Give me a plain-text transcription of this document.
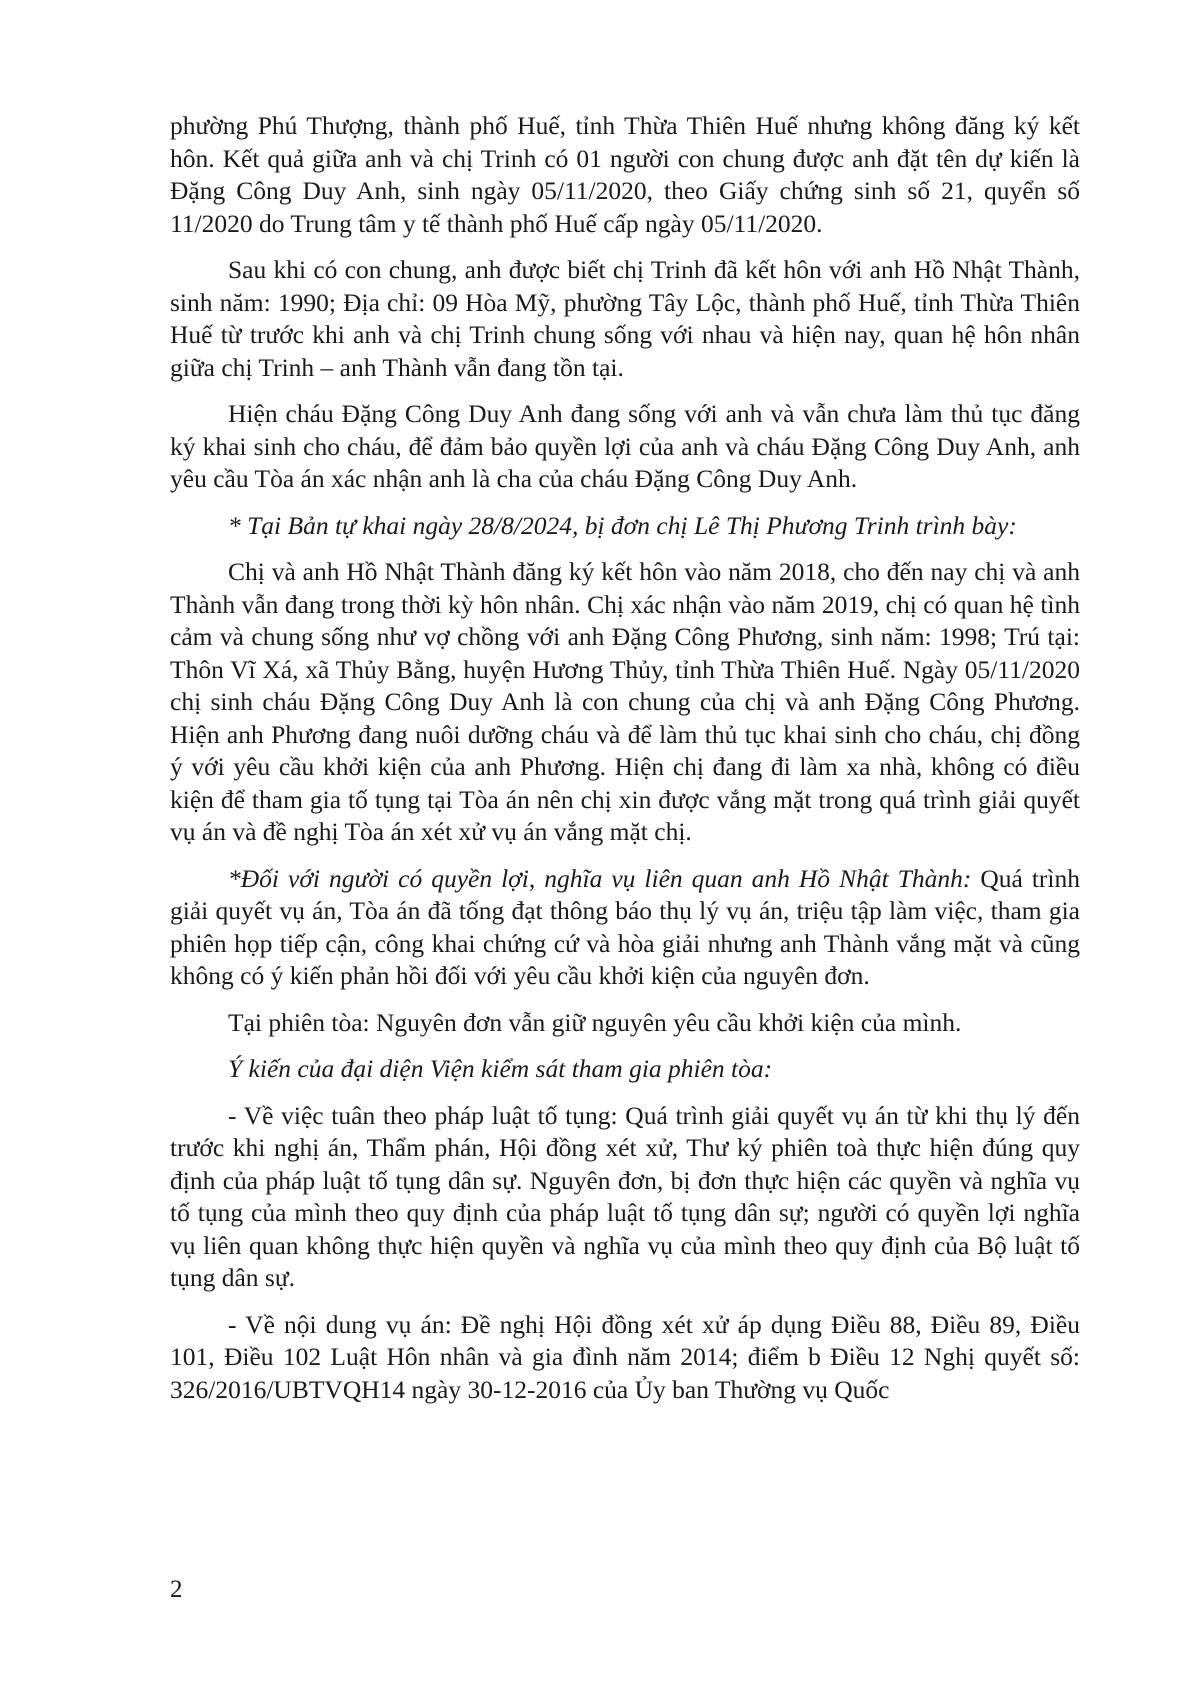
phường Phú Thượng, thành phố Huế, tỉnh Thừa Thiên Huế nhưng không đăng ký kết hôn. Kết quả giữa anh và chị Trinh có 01 người con chung được anh đặt tên dự kiến là Đặng Công Duy Anh, sinh ngày 05/11/2020, theo Giấy chứng sinh số 21, quyển số 11/2020 do Trung tâm y tế thành phố Huế cấp ngày 05/11/2020.

Sau khi có con chung, anh được biết chị Trinh đã kết hôn với anh Hồ Nhật Thành, sinh năm: 1990; Địa chỉ: 09 Hòa Mỹ, phường Tây Lộc, thành phố Huế, tỉnh Thừa Thiên Huế từ trước khi anh và chị Trinh chung sống với nhau và hiện nay, quan hệ hôn nhân giữa chị Trinh – anh Thành vẫn đang tồn tại.

Hiện cháu Đặng Công Duy Anh đang sống với anh và vẫn chưa làm thủ tục đăng ký khai sinh cho cháu, để đảm bảo quyền lợi của anh và cháu Đặng Công Duy Anh, anh yêu cầu Tòa án xác nhận anh là cha của cháu Đặng Công Duy Anh.

* Tại Bản tự khai ngày 28/8/2024, bị đơn chị Lê Thị Phương Trinh trình bày:

Chị và anh Hồ Nhật Thành đăng ký kết hôn vào năm 2018, cho đến nay chị và anh Thành vẫn đang trong thời kỳ hôn nhân. Chị xác nhận vào năm 2019, chị có quan hệ tình cảm và chung sống như vợ chồng với anh Đặng Công Phương, sinh năm: 1998; Trú tại: Thôn Vĩ Xá, xã Thủy Bằng, huyện Hương Thủy, tỉnh Thừa Thiên Huế. Ngày 05/11/2020 chị sinh cháu Đặng Công Duy Anh là con chung của chị và anh Đặng Công Phương. Hiện anh Phương đang nuôi dưỡng cháu và để làm thủ tục khai sinh cho cháu, chị đồng ý với yêu cầu khởi kiện của anh Phương. Hiện chị đang đi làm xa nhà, không có điều kiện để tham gia tố tụng tại Tòa án nên chị xin được vắng mặt trong quá trình giải quyết vụ án và đề nghị Tòa án xét xử vụ án vắng mặt chị.

*Đối với người có quyền lợi, nghĩa vụ liên quan anh Hồ Nhật Thành: Quá trình giải quyết vụ án, Tòa án đã tống đạt thông báo thụ lý vụ án, triệu tập làm việc, tham gia phiên họp tiếp cận, công khai chứng cứ và hòa giải nhưng anh Thành vắng mặt và cũng không có ý kiến phản hồi đối với yêu cầu khởi kiện của nguyên đơn.

Tại phiên tòa: Nguyên đơn vẫn giữ nguyên yêu cầu khởi kiện của mình.

Ý kiến của đại diện Viện kiểm sát tham gia phiên tòa:

- Về việc tuân theo pháp luật tố tụng: Quá trình giải quyết vụ án từ khi thụ lý đến trước khi nghị án, Thẩm phán, Hội đồng xét xử, Thư ký phiên toà thực hiện đúng quy định của pháp luật tố tụng dân sự. Nguyên đơn, bị đơn thực hiện các quyền và nghĩa vụ tố tụng của mình theo quy định của pháp luật tố tụng dân sự; người có quyền lợi nghĩa vụ liên quan không thực hiện quyền và nghĩa vụ của mình theo quy định của Bộ luật tố tụng dân sự.

- Về nội dung vụ án: Đề nghị Hội đồng xét xử áp dụng Điều 88, Điều 89, Điều 101, Điều 102 Luật Hôn nhân và gia đình năm 2014; điểm b Điều 12 Nghị quyết số: 326/2016/UBTVQH14 ngày 30-12-2016 của Ủy ban Thường vụ Quốc

2
